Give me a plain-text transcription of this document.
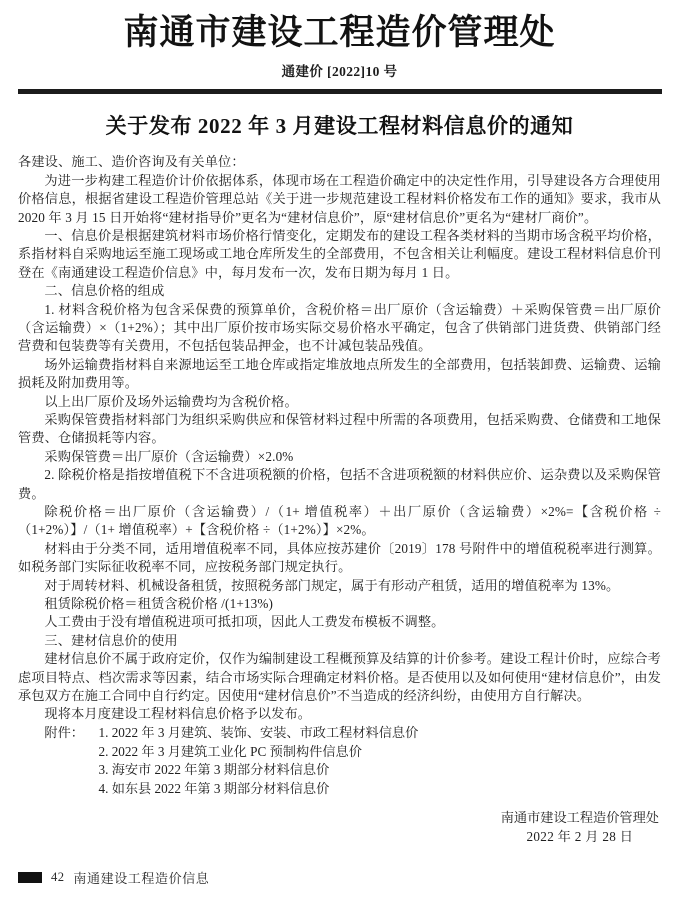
南通市建设工程造价管理处
通建价 [2022]10 号
关于发布 2022 年 3 月建设工程材料信息价的通知

各建设、施工、造价咨询及有关单位：

为进一步构建工程造价计价依据体系，体现市场在工程造价确定中的决定性作用，引导建设各方合理使用价格信息，根据省建设工程造价管理总站《关于进一步规范建设工程材料价格发布工作的通知》要求，我市从 2020 年 3 月 15 日开始将“建材指导价”更名为“建材信息价”，原“建材信息价”更名为“建材厂商价”。

一、信息价是根据建筑材料市场价格行情变化，定期发布的建设工程各类材料的当期市场含税平均价格，系指材料自采购地运至施工现场或工地仓库所发生的全部费用，不包含相关让利幅度。建设工程材料信息价刊登在《南通建设工程造价信息》中，每月发布一次，发布日期为每月 1 日。

二、信息价格的组成

1. 材料含税价格为包含采保费的预算单价，含税价格＝出厂原价（含运输费）＋采购保管费＝出厂原价（含运输费）×（1+2%）；其中出厂原价按市场实际交易价格水平确定，包含了供销部门进货费、供销部门经营费和包装费等有关费用，不包括包装品押金，也不计减包装品残值。

场外运输费指材料自来源地运至工地仓库或指定堆放地点所发生的全部费用，包括装卸费、运输费、运输损耗及附加费用等。

以上出厂原价及场外运输费均为含税价格。

采购保管费指材料部门为组织采购供应和保管材料过程中所需的各项费用，包括采购费、仓储费和工地保管费、仓储损耗等内容。

采购保管费＝出厂原价（含运输费）×2.0%

2. 除税价格是指按增值税下不含进项税额的价格，包括不含进项税额的材料供应价、运杂费以及采购保管费。

除税价格＝出厂原价（含运输费）/（1+ 增值税率）＋出厂原价（含运输费）×2%=【含税价格 ÷（1+2%）】/（1+ 增值税率）+【含税价格 ÷（1+2%）】×2%。

材料由于分类不同，适用增值税率不同，具体应按苏建价〔2019〕178 号附件中的增值税税率进行测算。如税务部门实际征收税率不同，应按税务部门规定执行。

对于周转材料、机械设备租赁，按照税务部门规定，属于有形动产租赁，适用的增值税率为 13%。

租赁除税价格＝租赁含税价格 /(1+13%)

人工费由于没有增值税进项可抵扣项，因此人工费发布模板不调整。

三、建材信息价的使用

建材信息价不属于政府定价，仅作为编制建设工程概预算及结算的计价参考。建设工程计价时，应综合考虑项目特点、档次需求等因素，结合市场实际合理确定材料价格。是否使用以及如何使用“建材信息价”，由发承包双方在施工合同中自行约定。因使用“建材信息价”不当造成的经济纠纷，由使用方自行解决。

现将本月度建设工程材料信息价格予以发布。

附件： 1. 2022 年 3 月建筑、装饰、安装、市政工程材料信息价
2. 2022 年 3 月建筑工业化 PC 预制构件信息价
3. 海安市 2022 年第 3 期部分材料信息价
4. 如东县 2022 年第 3 期部分材料信息价
南通市建设工程造价管理处
2022 年 2 月 28 日
42 南通建设工程造价信息
